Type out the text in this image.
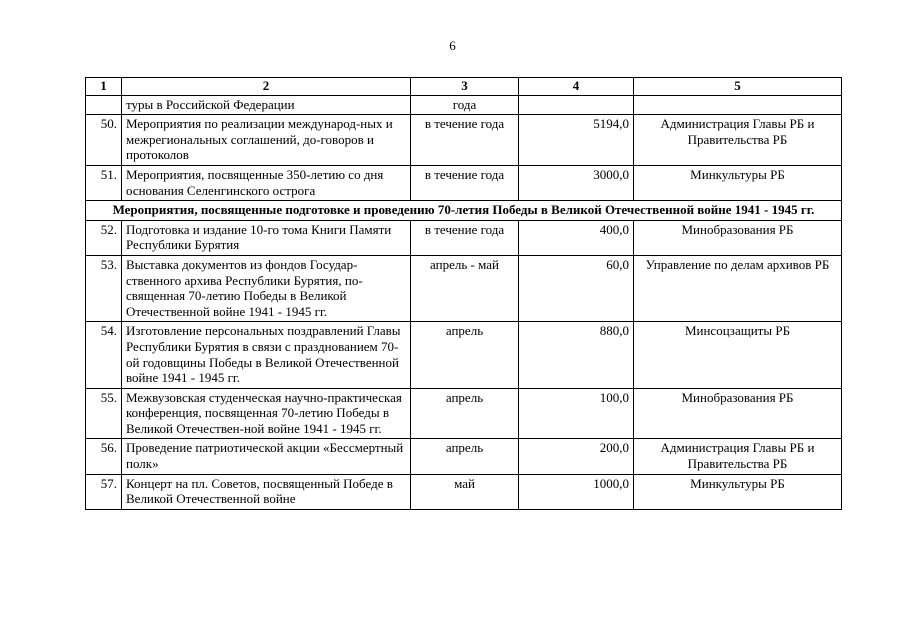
6
1	2	3	4	5
	туры в Российской Федерации	года		
50.	Мероприятия по реализации международ-ных и межрегиональных соглашений, до-говоров и протоколов	в течение года	5194,0	Администрация Главы РБ и Правительства РБ
51.	Мероприятия, посвященные 350-летию со дня основания Селенгинского острога	в течение года	3000,0	Минкультуры РБ
Мероприятия, посвященные подготовке и проведению 70-летия Победы в Великой Отечественной войне 1941 - 1945 гг.				
52.	Подготовка и издание 10-го тома Книги Памяти Республики Бурятия	в течение года	400,0	Минобразования РБ
53.	Выставка документов из фондов Государ-ственного архива Республики Бурятия, по-священная 70-летию Победы в Великой Отечественной войне 1941 - 1945 гг.	апрель - май	60,0	Управление по делам архивов РБ
54.	Изготовление персональных поздравлений Главы Республики Бурятия в связи с празднованием 70-ой годовщины Победы в Великой Отечественной войне 1941 - 1945 гг.	апрель	880,0	Минсоцзащиты РБ
55.	Межвузовская студенческая научно-практическая конференция, посвященная 70-летию Победы в Великой Отечествен-ной войне 1941 - 1945 гг.	апрель	100,0	Минобразования РБ
56.	Проведение патриотической акции «Бессмертный полк»	апрель	200,0	Администрация Главы РБ и Правительства РБ
57.	Концерт на пл. Советов, посвященный Победе в Великой Отечественной войне	май	1000,0	Минкультуры РБ
